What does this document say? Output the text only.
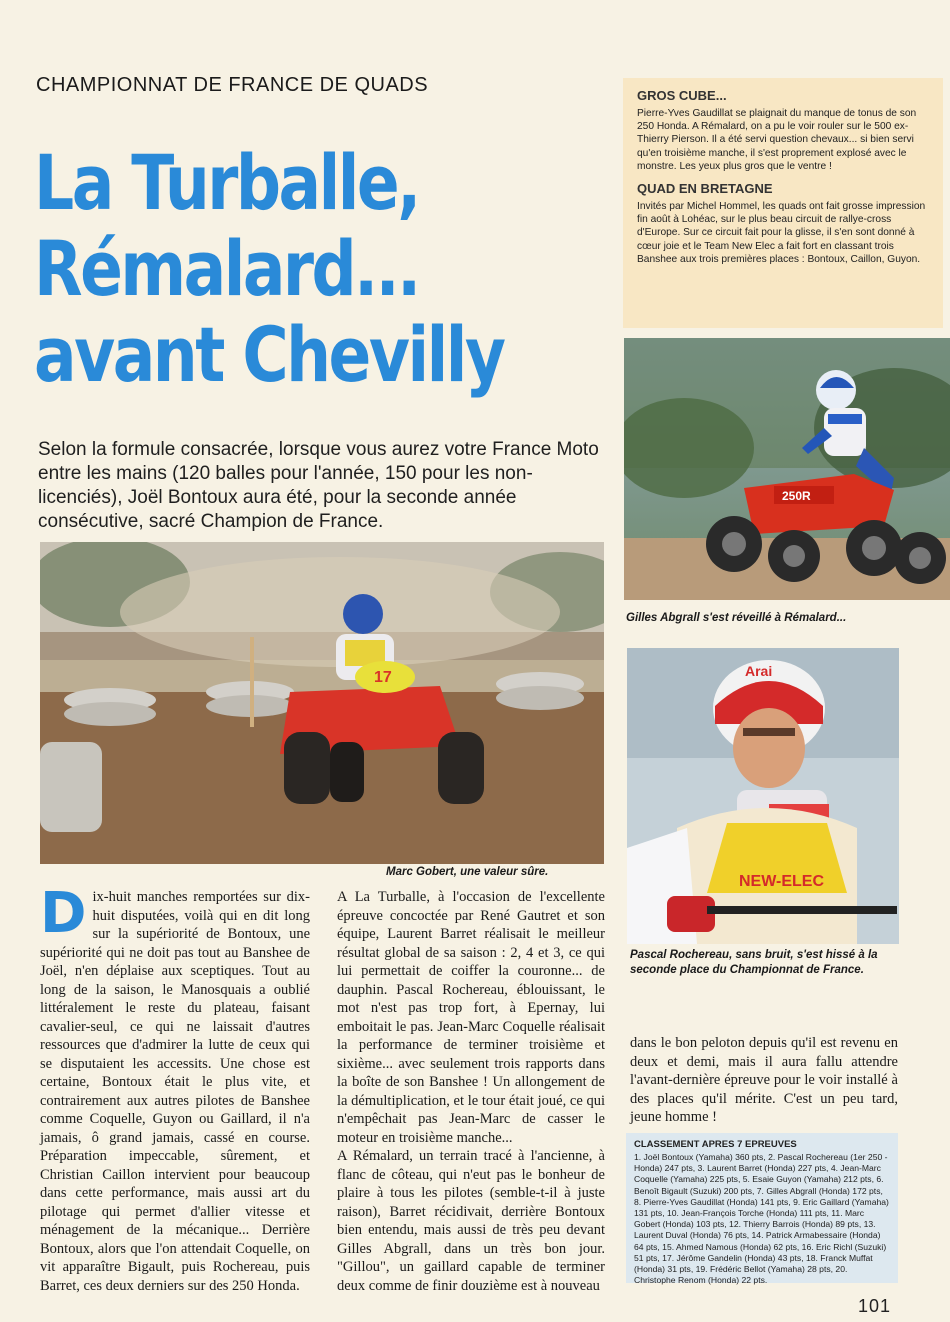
CHAMPIONNAT DE FRANCE DE QUADS
La Turballe,
Rémalard...
avant Chevilly
Selon la formule consacrée, lorsque vous aurez votre France Moto entre les mains (120 balles pour l'année, 150 pour les non-licenciés), Joël Bontoux aura été, pour la seconde année consécutive, sacré Champion de France.
GROS CUBE...
Pierre-Yves Gaudillat se plaignait du manque de tonus de son 250 Honda. A Rémalard, on a pu le voir rouler sur le 500 ex-Thierry Pierson. Il a été servi question chevaux... si bien servi qu'en troisième manche, il s'est proprement explosé avec le monstre. Les yeux plus gros que le ventre !
QUAD EN BRETAGNE
Invités par Michel Hommel, les quads ont fait grosse impression fin août à Lohéac, sur le plus beau circuit de rallye-cross d'Europe. Sur ce circuit fait pour la glisse, il s'en sont donné à cœur joie et le Team New Elec a fait fort en classant trois Banshee aux trois premières places : Bontoux, Caillon, Guyon.
250R
Gilles Abgrall s'est réveillé à Rémalard...
17
Marc Gobert, une valeur sûre.
Arai
NEW-ELEC
Pascal Rochereau, sans bruit, s'est hissé à la seconde place du Championnat de France.
Dix-huit manches remportées sur dix-huit disputées, voilà qui en dit long sur la supériorité de Bontoux, une supériorité qui ne doit pas tout au Banshee de Joël, n'en déplaise aux sceptiques. Tout au long de la saison, le Manosquais a oublié littéralement le reste du plateau, faisant cavalier-seul, ce qui ne laissait d'autres ressources que d'admirer la lutte de ceux qui se disputaient les accessits. Une chose est certaine, Bontoux était le plus vite, et contrairement aux autres pilotes de Banshee comme Coquelle, Guyon ou Gaillard, il n'a jamais, ô grand jamais, cassé en course. Préparation impeccable, sûrement, et Christian Caillon intervient pour beaucoup dans cette performance, mais aussi art du pilotage qui permet d'allier vitesse et ménagement de la mécanique... Derrière Bontoux, alors que l'on attendait Coquelle, on vit apparaître Bigault, puis Rochereau, puis Barret, ces deux derniers sur des 250 Honda.
A La Turballe, à l'occasion de l'excellente épreuve concoctée par René Gautret et son équipe, Laurent Barret réalisait le meilleur résultat global de sa saison : 2, 4 et 3, ce qui lui permettait de coiffer la couronne... de dauphin. Pascal Rochereau, éblouissant, le mot n'est pas trop fort, à Epernay, lui emboitait le pas. Jean-Marc Coquelle réalisait la performance de terminer troisième et sixième... avec seulement trois rapports dans la boîte de son Banshee ! Un allongement de la démultiplication, et le tour était joué, ce qui n'empêchait pas Jean-Marc de casser le moteur en troisième manche...
A Rémalard, un terrain tracé à l'ancienne, à flanc de côteau, qui n'eut pas le bonheur de plaire à tous les pilotes (semble-t-il à juste raison), Barret récidivait, derrière Bontoux bien entendu, mais aussi de très peu devant Gilles Abgrall, dans un très bon jour. "Gillou", un gaillard capable de terminer deux comme de finir douzième est à nouveau
dans le bon peloton depuis qu'il est revenu en deux et demi, mais il aura fallu attendre l'avant-dernière épreuve pour le voir installé à des places qu'il mérite. C'est un peu tard, jeune homme !
CLASSEMENT APRES 7 EPREUVES
1. Joël Bontoux (Yamaha) 360 pts, 2. Pascal Rochereau (1er 250 - Honda) 247 pts, 3. Laurent Barret (Honda) 227 pts, 4. Jean-Marc Coquelle (Yamaha) 225 pts, 5. Esaie Guyon (Yamaha) 212 pts, 6. Benoît Bigault (Suzuki) 200 pts, 7. Gilles Abgrall (Honda) 172 pts, 8. Pierre-Yves Gaudillat (Honda) 141 pts, 9. Eric Gaillard (Yamaha) 131 pts, 10. Jean-François Torche (Honda) 111 pts, 11. Marc Gobert (Honda) 103 pts, 12. Thierry Barrois (Honda) 89 pts, 13. Laurent Duval (Honda) 76 pts, 14. Patrick Armabessaire (Honda) 64 pts, 15. Ahmed Namous (Honda) 62 pts, 16. Eric Richl (Suzuki) 51 pts, 17. Jérôme Gandelin (Honda) 43 pts, 18. Franck Muffat (Honda) 31 pts, 19. Frédéric Bellot (Yamaha) 28 pts, 20. Christophe Renom (Honda) 22 pts.
101
